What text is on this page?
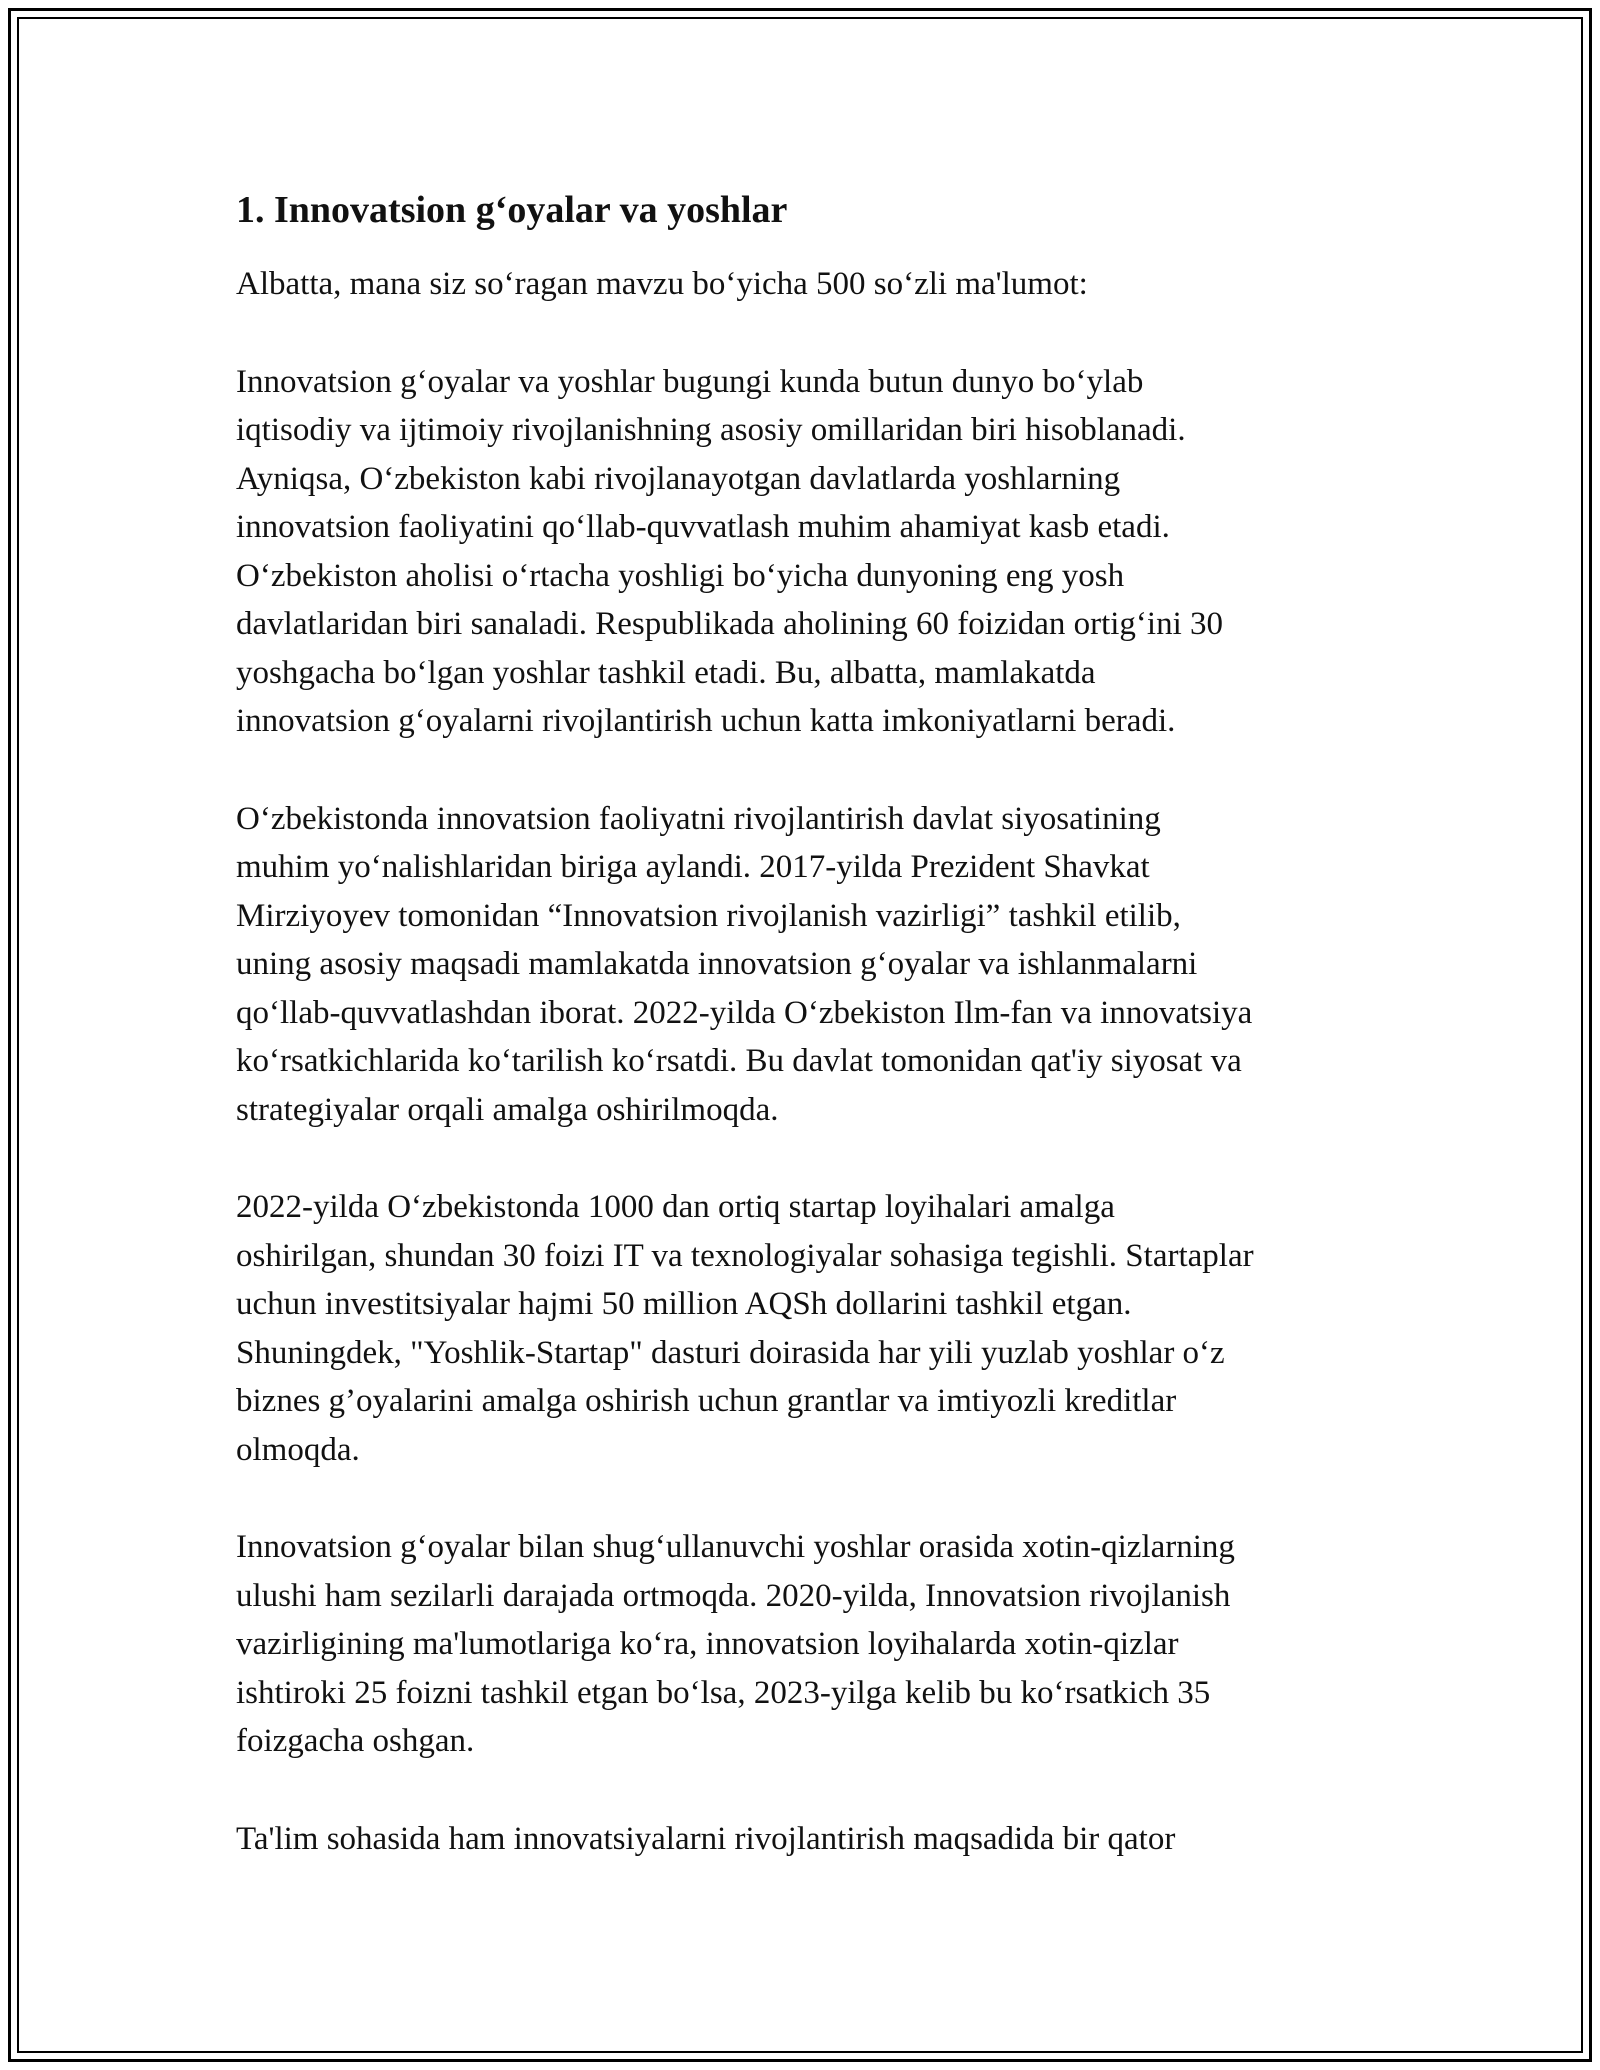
1. Innovatsion g‘oyalar va yoshlar

Albatta, mana siz so‘ragan mavzu bo‘yicha 500 so‘zli ma'lumot:

Innovatsion g‘oyalar va yoshlar bugungi kunda butun dunyo bo‘ylab
iqtisodiy va ijtimoiy rivojlanishning asosiy omillaridan biri hisoblanadi.
Ayniqsa, O‘zbekiston kabi rivojlanayotgan davlatlarda yoshlarning
innovatsion faoliyatini qo‘llab-quvvatlash muhim ahamiyat kasb etadi.
O‘zbekiston aholisi o‘rtacha yoshligi bo‘yicha dunyoning eng yosh
davlatlaridan biri sanaladi. Respublikada aholining 60 foizidan ortig‘ini 30
yoshgacha bo‘lgan yoshlar tashkil etadi. Bu, albatta, mamlakatda
innovatsion g‘oyalarni rivojlantirish uchun katta imkoniyatlarni beradi.

O‘zbekistonda innovatsion faoliyatni rivojlantirish davlat siyosatining
muhim yo‘nalishlaridan biriga aylandi. 2017-yilda Prezident Shavkat
Mirziyoyev tomonidan “Innovatsion rivojlanish vazirligi” tashkil etilib,
uning asosiy maqsadi mamlakatda innovatsion g‘oyalar va ishlanmalarni
qo‘llab-quvvatlashdan iborat. 2022-yilda O‘zbekiston Ilm-fan va innovatsiya
ko‘rsatkichlarida ko‘tarilish ko‘rsatdi. Bu davlat tomonidan qat'iy siyosat va
strategiyalar orqali amalga oshirilmoqda.

2022-yilda O‘zbekistonda 1000 dan ortiq startap loyihalari amalga
oshirilgan, shundan 30 foizi IT va texnologiyalar sohasiga tegishli. Startaplar
uchun investitsiyalar hajmi 50 million AQSh dollarini tashkil etgan.
Shuningdek, "Yoshlik-Startap" dasturi doirasida har yili yuzlab yoshlar o‘z
biznes g’oyalarini amalga oshirish uchun grantlar va imtiyozli kreditlar
olmoqda.

Innovatsion g‘oyalar bilan shug‘ullanuvchi yoshlar orasida xotin-qizlarning
ulushi ham sezilarli darajada ortmoqda. 2020-yilda, Innovatsion rivojlanish
vazirligining ma'lumotlariga ko‘ra, innovatsion loyihalarda xotin-qizlar
ishtiroki 25 foizni tashkil etgan bo‘lsa, 2023-yilga kelib bu ko‘rsatkich 35
foizgacha oshgan.

Ta'lim sohasida ham innovatsiyalarni rivojlantirish maqsadida bir qator
